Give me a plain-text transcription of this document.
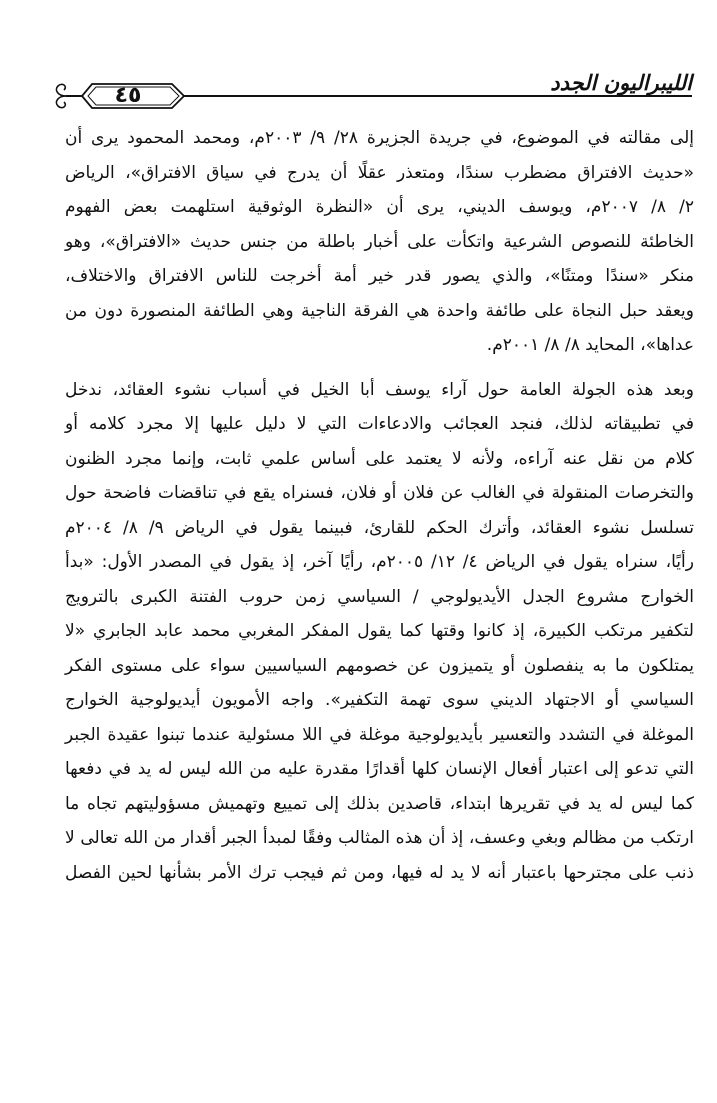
٤٥	الليبراليون الجدد

إلى مقالته في الموضوع، في جريدة الجزيرة ٢٨/ ٩/ ٢٠٠٣م، ومحمد المحمود يرى أن

«حديث الافتراق مضطرب سندًا، ومتعذر عقلًا أن يدرج في سياق الافتراق»، الرياض

٢/ ٨/ ٢٠٠٧م، ويوسف الديني، يرى أن «النظرة الوثوقية استلهمت بعض الفهوم

الخاطئة للنصوص الشرعية واتكأت على أخبار باطلة من جنس حديث «الافتراق»، وهو

منكر «سندًا ومتنًا»، والذي يصور قدر خير أمة أخرجت للناس الافتراق والاختلاف،

ويعقد حبل النجاة على طائفة واحدة هي الفرقة الناجية وهي الطائفة المنصورة دون من

عداها»، المحايد ٨/ ٨/ ٢٠٠١م.

وبعد هذه الجولة العامة حول آراء يوسف أبا الخيل في أسباب نشوء العقائد، ندخل

في تطبيقاته لذلك، فنجد العجائب والادعاءات التي لا دليل عليها إلا مجرد كلامه أو

كلام من نقل عنه آراءه، ولأنه لا يعتمد على أساس علمي ثابت، وإنما مجرد الظنون

والتخرصات المنقولة في الغالب عن فلان أو فلان، فسنراه يقع في تناقضات فاضحة حول

تسلسل نشوء العقائد، وأترك الحكم للقارئ، فبينما يقول في الرياض ٩/ ٨/ ٢٠٠٤م

رأيًا، سنراه يقول في الرياض ٤/ ١٢/ ٢٠٠٥م، رأيًا آخر، إذ يقول في المصدر الأول: «بدأ

الخوارج مشروع الجدل الأيديولوجي / السياسي زمن حروب الفتنة الكبرى بالترويج

لتكفير مرتكب الكبيرة، إذ كانوا وقتها كما يقول المفكر المغربي محمد عابد الجابري «لا

يمتلكون ما به ينفصلون أو يتميزون عن خصومهم السياسيين سواء على مستوى الفكر

السياسي أو الاجتهاد الديني سوى تهمة التكفير». واجه الأمويون أيديولوجية الخوارج

الموغلة في التشدد والتعسير بأيديولوجية موغلة في اللا مسئولية عندما تبنوا عقيدة الجبر

التي تدعو إلى اعتبار أفعال الإنسان كلها أقدارًا مقدرة عليه من الله ليس له يد في دفعها

كما ليس له يد في تقريرها ابتداء، قاصدين بذلك إلى تمييع وتهميش مسؤوليتهم تجاه ما

ارتكب من مظالم وبغي وعسف، إذ أن هذه المثالب وفقًا لمبدأ الجبر أقدار من الله تعالى لا

ذنب على مجترحها باعتبار أنه لا يد له فيها، ومن ثم فيجب ترك الأمر بشأنها لحين الفصل
